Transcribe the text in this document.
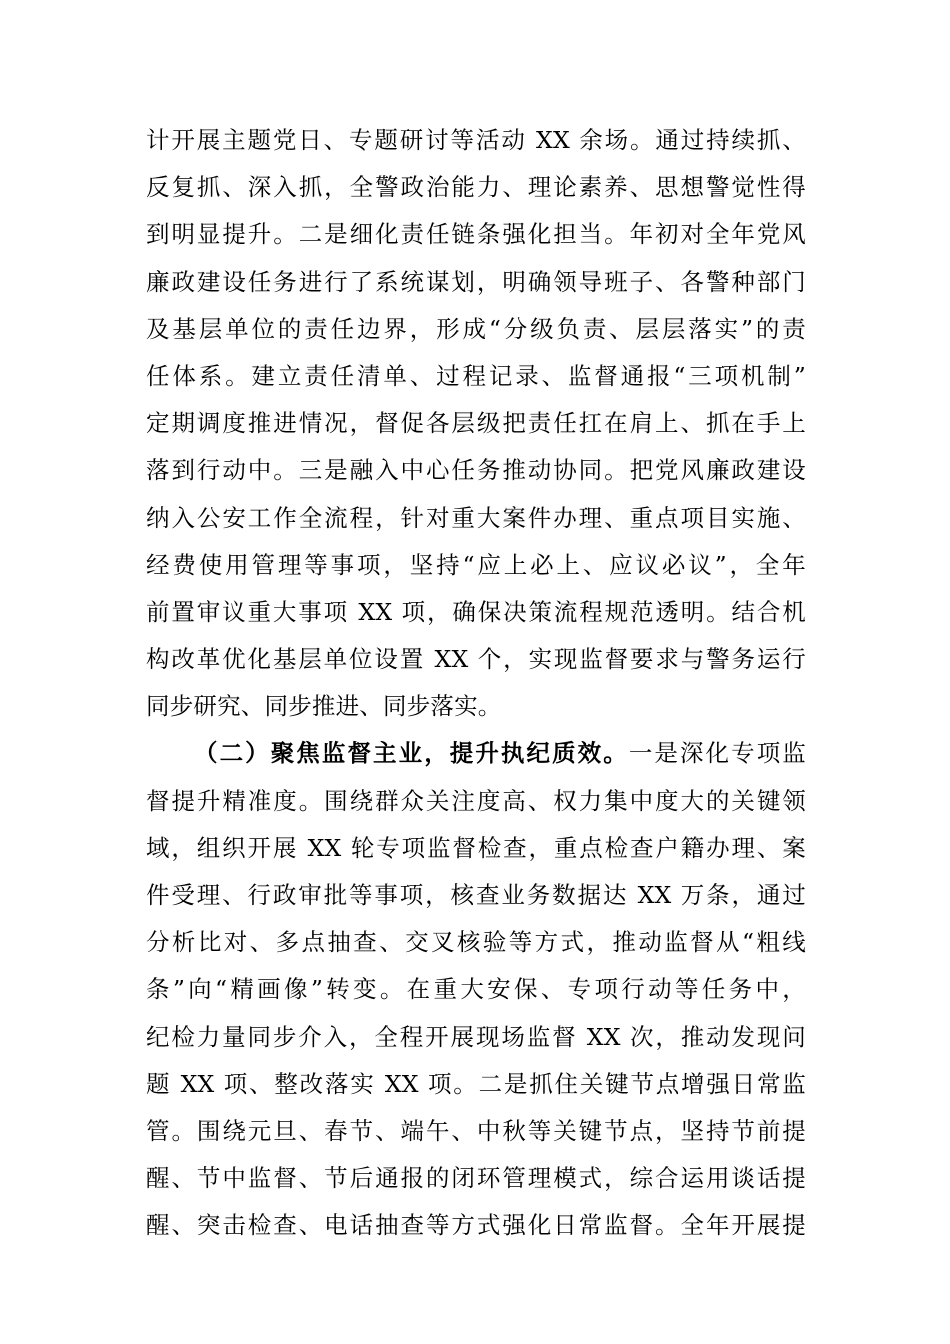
计开展主题党日、专题研讨等活动 XX 余场。通过持续抓、
反复抓、深入抓，全警政治能力、理论素养、思想警觉性得
到明显提升。二是细化责任链条强化担当。年初对全年党风
廉政建设任务进行了系统谋划，明确领导班子、各警种部门
及基层单位的责任边界，形成“分级负责、层层落实”的责
任体系。建立责任清单、过程记录、监督通报“三项机制”
定期调度推进情况，督促各层级把责任扛在肩上、抓在手上
落到行动中。三是融入中心任务推动协同。把党风廉政建设
纳入公安工作全流程，针对重大案件办理、重点项目实施、
经费使用管理等事项，坚持“应上必上、应议必议”，全年
前置审议重大事项 XX 项，确保决策流程规范透明。结合机
构改革优化基层单位设置 XX 个，实现监督要求与警务运行
同步研究、同步推进、同步落实。
（二）聚焦监督主业，提升执纪质效。一是深化专项监
督提升精准度。围绕群众关注度高、权力集中度大的关键领
域，组织开展 XX 轮专项监督检查，重点检查户籍办理、案
件受理、行政审批等事项，核查业务数据达 XX 万条，通过
分析比对、多点抽查、交叉核验等方式，推动监督从“粗线
条”向“精画像”转变。在重大安保、专项行动等任务中，
纪检力量同步介入，全程开展现场监督 XX 次，推动发现问
题 XX 项、整改落实 XX 项。二是抓住关键节点增强日常监
管。围绕元旦、春节、端午、中秋等关键节点，坚持节前提
醒、节中监督、节后通报的闭环管理模式，综合运用谈话提
醒、突击检查、电话抽查等方式强化日常监督。全年开展提
